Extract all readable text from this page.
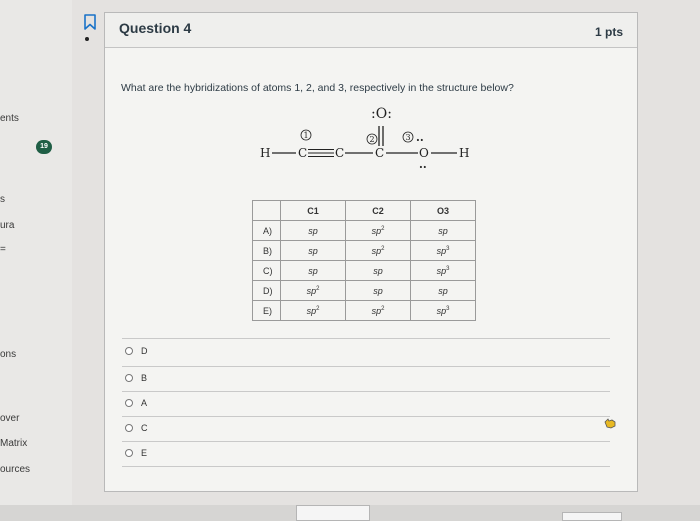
ents
s
ura
=
ons
over
Matrix
ources
19
Question 4	1 pts
What are the hybridizations of atoms 1, 2, and 3, respectively in the structure below?
:O:
1	2	3 ..
H C C	C	O
..
H
	C1	C2	O3
A)	sp	$sp^2$	sp
B)	sp	$sp^2$	$sp^3$
C)	sp	sp	$sp^3$
D)	$sp^2$	sp	sp
E)	$sp^2$	$sp^2$	$sp^3$
D
B
A
C
E
